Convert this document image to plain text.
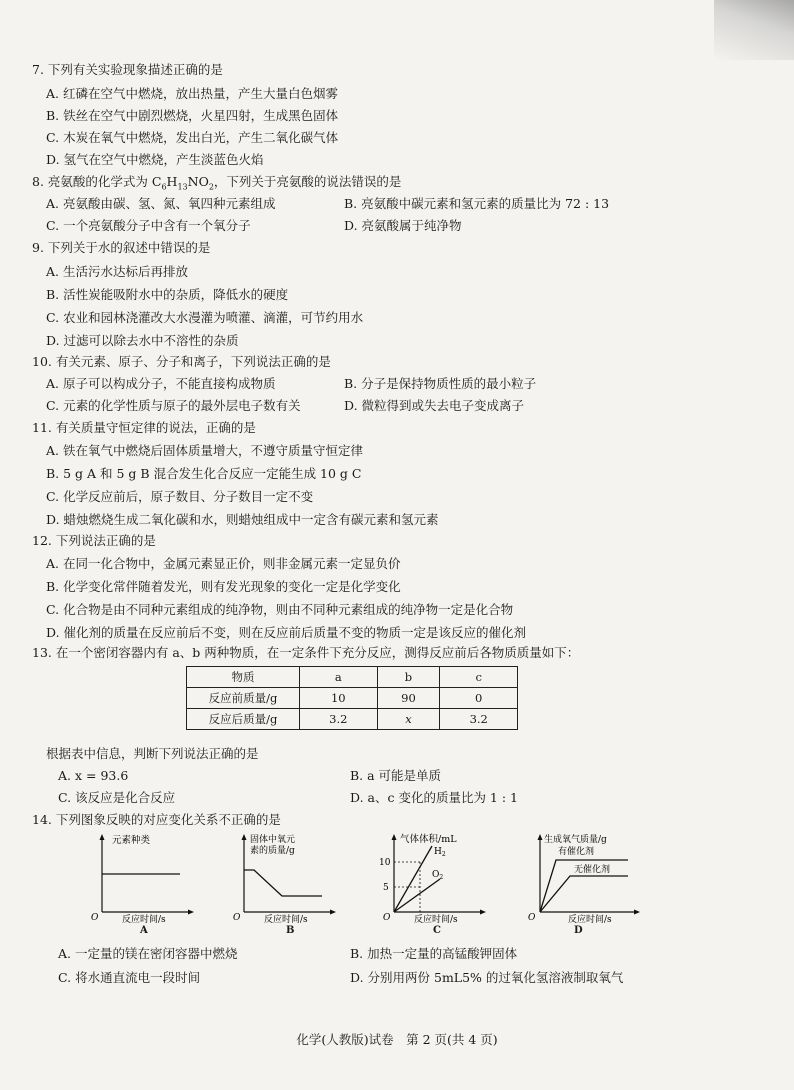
7. 下列有关实验现象描述正确的是
A. 红磷在空气中燃烧，放出热量，产生大量白色烟雾
B. 铁丝在空气中剧烈燃烧，火星四射，生成黑色固体
C. 木炭在氧气中燃烧，发出白光，产生二氧化碳气体
D. 氢气在空气中燃烧，产生淡蓝色火焰
8. 亮氨酸的化学式为 $C_6H_{13}NO_2$，下列关于亮氨酸的说法错误的是
A. 亮氨酸由碳、氢、氮、氧四种元素组成	B. 亮氨酸中碳元素和氢元素的质量比为 72 : 13
C. 一个亮氨酸分子中含有一个氧分子	D. 亮氨酸属于纯净物
9. 下列关于水的叙述中错误的是
A. 生活污水达标后再排放
B. 活性炭能吸附水中的杂质，降低水的硬度
C. 农业和园林浇灌改大水漫灌为喷灌、滴灌，可节约用水
D. 过滤可以除去水中不溶性的杂质
10. 有关元素、原子、分子和离子，下列说法正确的是
A. 原子可以构成分子，不能直接构成物质	B. 分子是保持物质性质的最小粒子
C. 元素的化学性质与原子的最外层电子数有关	D. 微粒得到或失去电子变成离子
11. 有关质量守恒定律的说法，正确的是
A. 铁在氧气中燃烧后固体质量增大，不遵守质量守恒定律
B. 5 g A 和 5 g B 混合发生化合反应一定能生成 10 g C
C. 化学反应前后，原子数目、分子数目一定不变
D. 蜡烛燃烧生成二氧化碳和水，则蜡烛组成中一定含有碳元素和氢元素
12. 下列说法正确的是
A. 在同一化合物中，金属元素显正价，则非金属元素一定显负价
B. 化学变化常伴随着发光，则有发光现象的变化一定是化学变化
C. 化合物是由不同种元素组成的纯净物，则由不同种元素组成的纯净物一定是化合物
D. 催化剂的质量在反应前后不变，则在反应前后质量不变的物质一定是该反应的催化剂
13. 在一个密闭容器内有 a、b 两种物质，在一定条件下充分反应，测得反应前后各物质质量如下：
物质	a	b	c
反应前质量/g	10	90	0
反应后质量/g	3.2	x	3.2
根据表中信息，判断下列说法正确的是
A. x = 93.6	B. a 可能是单质
C. 该反应是化合反应	D. a、c 变化的质量比为 1 : 1
14. 下列图象反映的对应变化关系不正确的是
元素种类
O	反应时间/s
A
固体中氧元
素的质量/g
O	反应时间/s
B
气体体积/mL
10
5
$H_2$
$O_2$
O	反应时间/s
C
生成氧气质量/g
有催化剂
无催化剂
O	反应时间/s
D
A. 一定量的镁在密闭容器中燃烧	B. 加热一定量的高锰酸钾固体
C. 将水通直流电一段时间	D. 分别用两份 5mL5% 的过氧化氢溶液制取氧气
化学(人教版)试卷　第 2 页(共 4 页)
